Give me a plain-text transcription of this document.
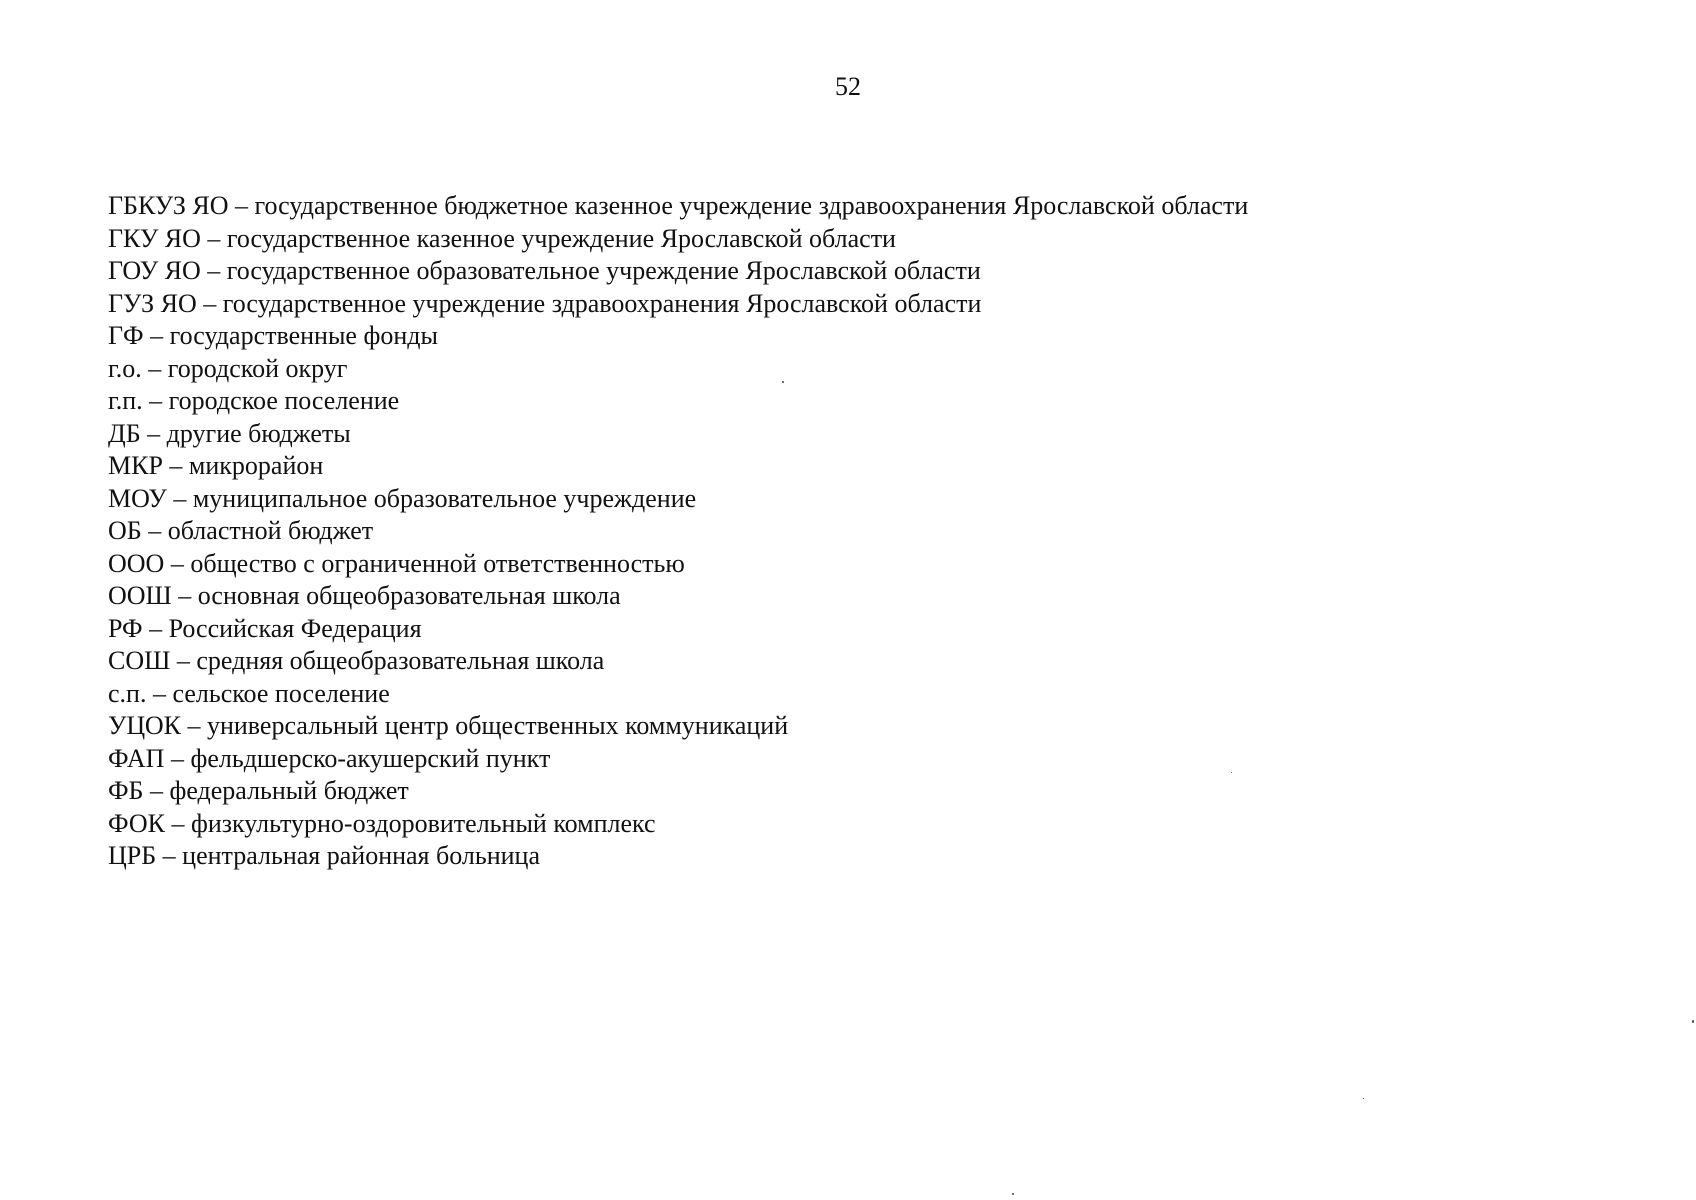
52
ГБКУЗ ЯО – государственное бюджетное казенное учреждение здравоохранения Ярославской области
ГКУ ЯО – государственное казенное учреждение Ярославской области
ГОУ ЯО – государственное образовательное учреждение Ярославской области
ГУЗ ЯО – государственное учреждение здравоохранения Ярославской области
ГФ – государственные фонды
г.о. – городской округ
г.п. – городское поселение
ДБ – другие бюджеты
МКР – микрорайон
МОУ – муниципальное образовательное учреждение
ОБ – областной бюджет
ООО – общество с ограниченной ответственностью
ООШ – основная общеобразовательная школа
РФ – Российская Федерация
СОШ – средняя общеобразовательная школа
с.п. – сельское поселение
УЦОК – универсальный центр общественных коммуникаций
ФАП – фельдшерско-акушерский пункт
ФБ – федеральный бюджет
ФОК – физкультурно-оздоровительный комплекс
ЦРБ – центральная районная больница
